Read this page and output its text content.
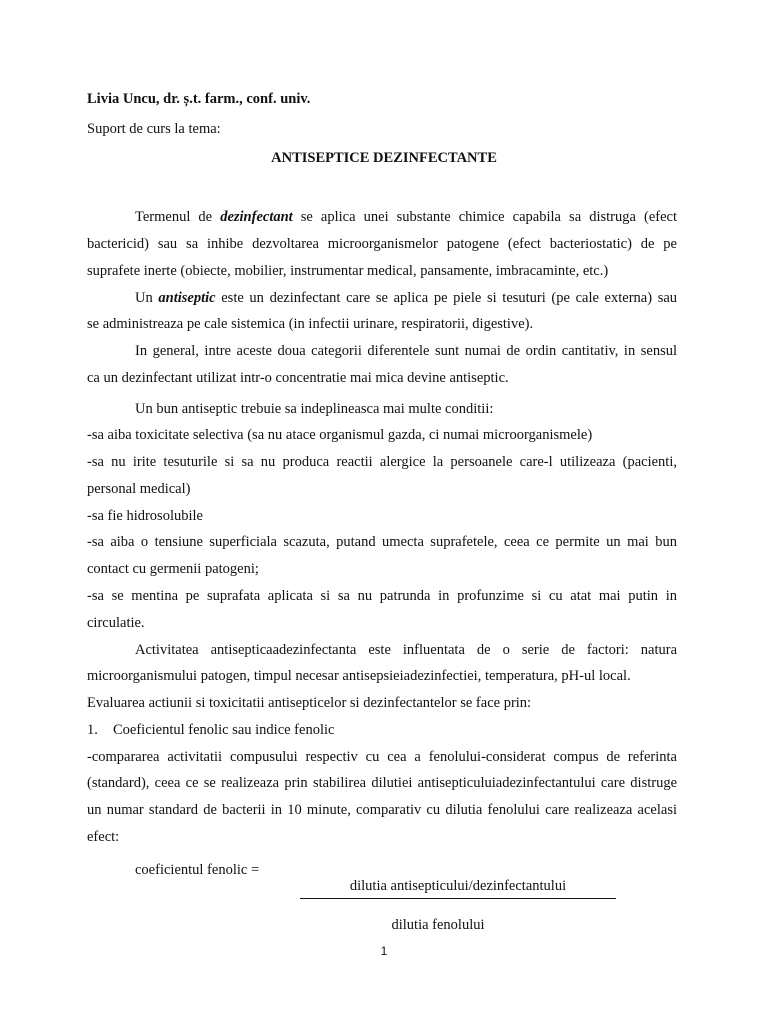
Livia Uncu, dr. ș.t. farm., conf. univ.
Suport de curs la tema:
ANTISEPTICE DEZINFECTANTE
Termenul de dezinfectant se aplica unei substante chimice capabila sa distruga (efect
bactericid) sau sa inhibe dezvoltarea microorganismelor patogene (efect bacteriostatic) de pe
suprafete inerte (obiecte, mobilier, instrumentar medical, pansamente, imbracaminte, etc.)
Un antiseptic este un dezinfectant care se aplica pe piele si tesuturi (pe cale externa) sau
se administreaza pe cale sistemica (in infectii urinare, respiratorii, digestive).
In general, intre aceste doua categorii diferentele sunt numai de ordin cantitativ, in sensul
ca un dezinfectant utilizat intr-o concentratie mai mica devine antiseptic.
Un bun antiseptic trebuie sa indeplineasca mai multe conditii:
-sa aiba toxicitate selectiva (sa nu atace organismul gazda, ci numai microorganismele)
-sa nu irite tesuturile si sa nu produca reactii alergice la persoanele care-l utilizeaza (pacienti,
personal medical)
-sa fie hidrosolubile
-sa aiba o tensiune superficiala scazuta, putand umecta suprafetele, ceea ce permite un mai bun
contact cu germenii patogeni;
-sa se mentina pe suprafata aplicata si sa nu patrunda in profunzime si cu atat mai putin in
circulatie.
Activitatea antisepticaadezinfectanta este influentata de o serie de factori: natura
microorganismului patogen, timpul necesar antisepsieiadezinfectiei, temperatura, pH-ul local.
Evaluarea actiunii si toxicitatii antisepticelor si dezinfectantelor se face prin:
1. Coeficientul fenolic sau indice fenolic
-compararea activitatii compusului respectiv cu cea a fenolului-considerat compus de referinta
(standard), ceea ce se realizeaza prin stabilirea dilutiei antisepticuluiadezinfectantului care distruge
un numar standard de bacterii in 10 minute, comparativ cu dilutia fenolului care realizeaza acelasi
efect:
coeficientul fenolic =
dilutia antisepticului/dezinfectantului
dilutia fenolului
1
